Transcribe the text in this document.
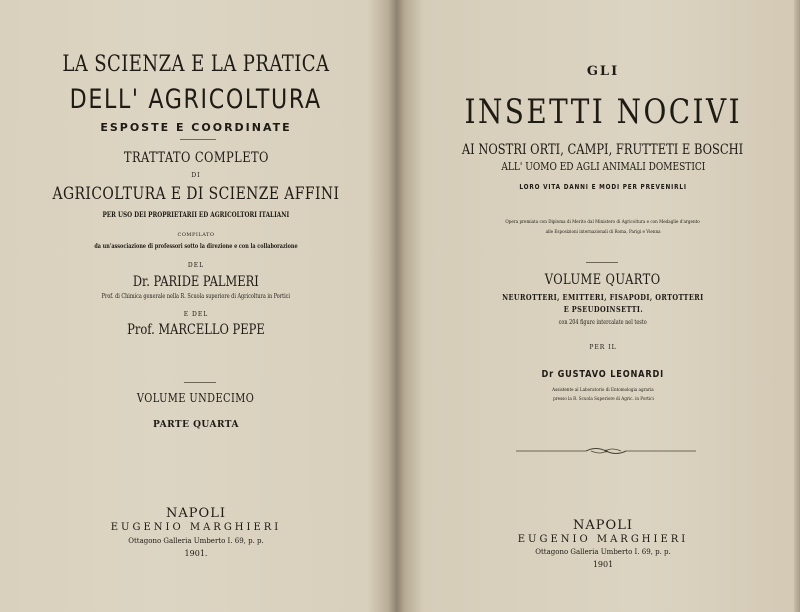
LA SCIENZA E LA PRATICA
DELL' AGRICOLTURA
ESPOSTE E COORDINATE
TRATTATO COMPLETO
DI
AGRICOLTURA E DI SCIENZE AFFINI
PER USO DEI PROPRIETARII ED AGRICOLTORI ITALIANI
COMPILATO
da un'associazione di professori sotto la direzione e con la collaborazione
DEL
Dr. PARIDE PALMERI
Prof. di Chimica generale nella R. Scuola superiore di Agricoltura in Portici
E DEL
Prof. MARCELLO PEPE
VOLUME UNDECIMO
PARTE QUARTA
NAPOLI
EUGENIO MARGHIERI
Ottagono Galleria Umberto I. 69, p. p.
1901.
GLI
INSETTI NOCIVI
AI NOSTRI ORTI, CAMPI, FRUTTETI E BOSCHI
ALL' UOMO ED AGLI ANIMALI DOMESTICI
LORO VITA DANNI E MODI PER PREVENIRLI
Opera premiata con Diploma di Merito dal Ministero di Agricoltura e con Medaglie d'argento
alle Esposizioni internazionali di Roma, Parigi e Vienna
VOLUME QUARTO
NEUROTTERI, EMITTERI, FISAPODI, ORTOTTERI
E PSEUDOINSETTI.
con 204 figure intercalate nel testo
PER IL
Dr GUSTAVO LEONARDI
Assistente al Laboratorio di Entomologia agraria
presso la R. Scuola Superiore di Agric. in Portici
NAPOLI
EUGENIO MARGHIERI
Ottagono Galleria Umberto I. 69, p. p.
1901
